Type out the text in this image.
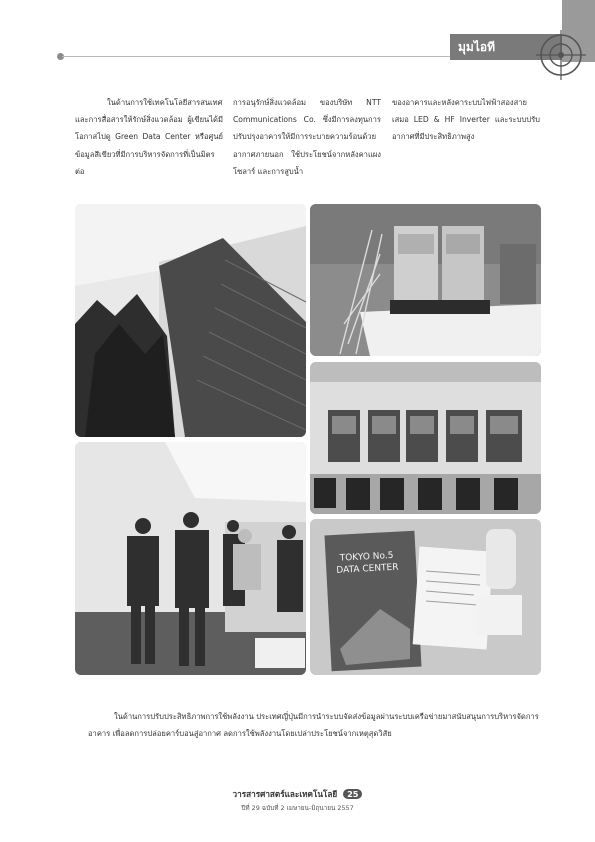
มุมไอที

ในด้านการใช้เทคโนโลยีสารสนเทศและการสื่อสารให้รักษ์สิ่งแวดล้อม ผู้เขียนได้มีโอกาสไปดู Green Data Center หรือศูนย์ข้อมูลสีเขียวที่มีการบริหารจัดการที่เป็นมิตรต่อ

การอนุรักษ์สิ่งแวดล้อม ของบริษัท NTT Communications Co. ซึ่งมีการลงทุนการปรับปรุงอาคารให้มีการระบายความร้อนด้วยอากาศภายนอก ใช้ประโยชน์จากหลังคาแผงโซลาร์ และการสูบน้ำ

ของอาคารและหลังคาระบบไฟฟ้าสองสายเสมอ LED & HF Inverter และระบบปรับอากาศที่มีประสิทธิภาพสูง

TOKYO No.5
DATA CENTER

ในด้านการปรับประสิทธิภาพการใช้พลังงาน ประเทศญี่ปุ่นมีการนำระบบจัดส่งข้อมูลผ่านระบบเครือข่ายมาสนับสนุนการบริหารจัดการอาคาร เพื่อลดการปล่อยคาร์บอนสู่อากาศ ลดการใช้พลังงานโดยเปล่าประโยชน์จากเหตุสุดวิสัย

วารสารศาสตร์และเทคโนโลยี 25
ปีที่ 29 ฉบับที่ 2 เมษายน-มิถุนายน 2557
